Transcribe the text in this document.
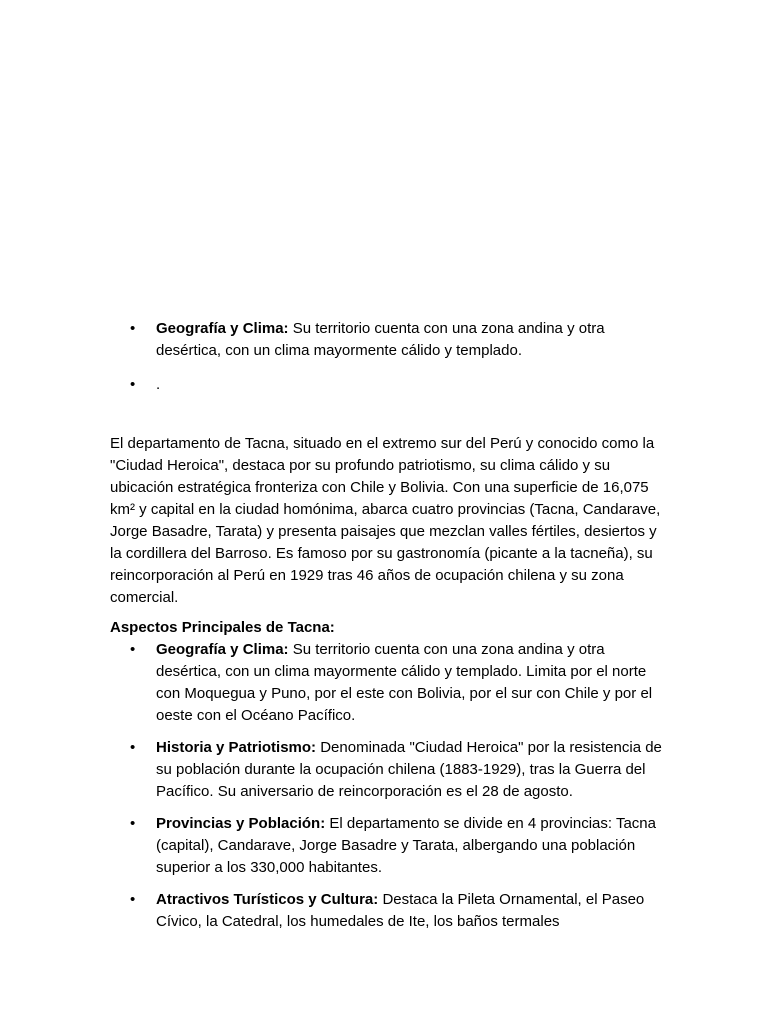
• Geografía y Clima: Su territorio cuenta con una zona andina y otra desértica, con un clima mayormente cálido y templado.
• .

El departamento de Tacna, situado en el extremo sur del Perú y conocido como la "Ciudad Heroica", destaca por su profundo patriotismo, su clima cálido y su ubicación estratégica fronteriza con Chile y Bolivia. Con una superficie de 16,075 km² y capital en la ciudad homónima, abarca cuatro provincias (Tacna, Candarave, Jorge Basadre, Tarata) y presenta paisajes que mezclan valles fértiles, desiertos y la cordillera del Barroso. Es famoso por su gastronomía (picante a la tacneña), su reincorporación al Perú en 1929 tras 46 años de ocupación chilena y su zona comercial.

Aspectos Principales de Tacna:

• Geografía y Clima: Su territorio cuenta con una zona andina y otra desértica, con un clima mayormente cálido y templado. Limita por el norte con Moquegua y Puno, por el este con Bolivia, por el sur con Chile y por el oeste con el Océano Pacífico.
• Historia y Patriotismo: Denominada "Ciudad Heroica" por la resistencia de su población durante la ocupación chilena (1883-1929), tras la Guerra del Pacífico. Su aniversario de reincorporación es el 28 de agosto.
• Provincias y Población: El departamento se divide en 4 provincias: Tacna (capital), Candarave, Jorge Basadre y Tarata, albergando una población superior a los 330,000 habitantes.
• Atractivos Turísticos y Cultura: Destaca la Pileta Ornamental, el Paseo Cívico, la Catedral, los humedales de Ite, los baños termales
